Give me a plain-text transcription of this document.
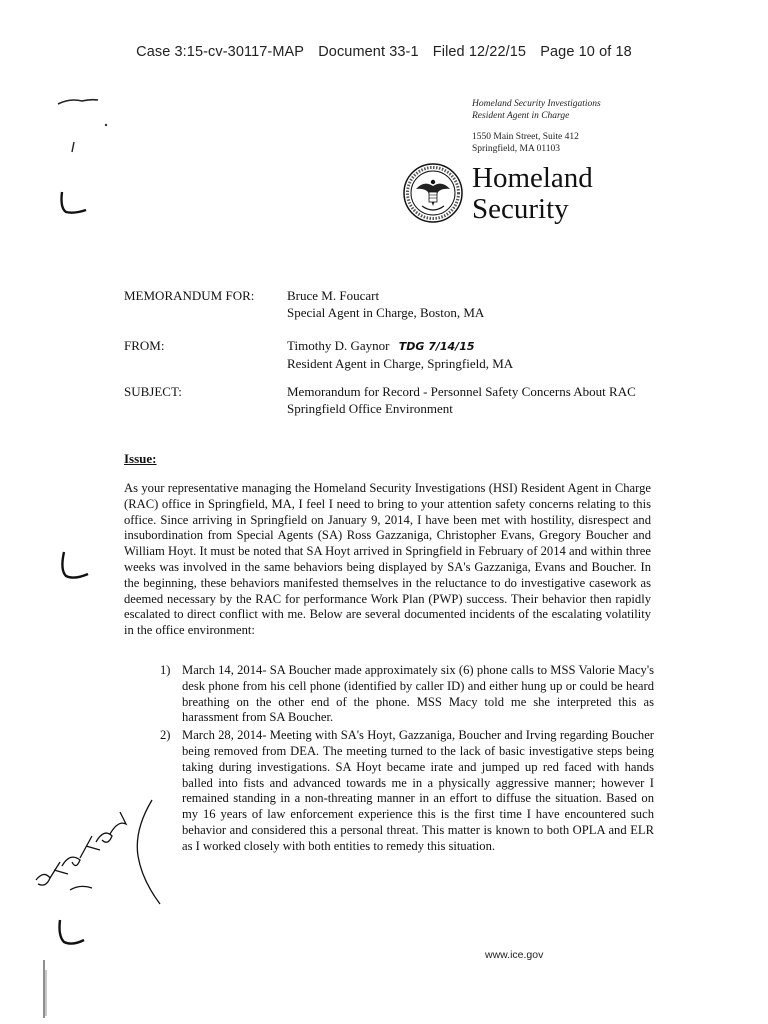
Case 3:15-cv-30117-MAP Document 33-1 Filed 12/22/15 Page 10 of 18
Homeland Security Investigations
Resident Agent in Charge
1550 Main Street, Suite 412
Springfield, MA 01103
Homeland
Security
MEMORANDUM FOR:	Bruce M. Foucart
Special Agent in Charge, Boston, MA
FROM:	Timothy D. Gaynor TDG 7/14/15
Resident Agent in Charge, Springfield, MA
SUBJECT:	Memorandum for Record - Personnel Safety Concerns About RAC
Springfield Office Environment
Issue:
As your representative managing the Homeland Security Investigations (HSI) Resident Agent in Charge (RAC) office in Springfield, MA, I feel I need to bring to your attention safety concerns relating to this office. Since arriving in Springfield on January 9, 2014, I have been met with hostility, disrespect and insubordination from Special Agents (SA) Ross Gazzaniga, Christopher Evans, Gregory Boucher and William Hoyt. It must be noted that SA Hoyt arrived in Springfield in February of 2014 and within three weeks was involved in the same behaviors being displayed by SA's Gazzaniga, Evans and Boucher. In the beginning, these behaviors manifested themselves in the reluctance to do investigative casework as deemed necessary by the RAC for performance Work Plan (PWP) success. Their behavior then rapidly escalated to direct conflict with me. Below are several documented incidents of the escalating volatility in the office environment:
1) March 14, 2014- SA Boucher made approximately six (6) phone calls to MSS Valorie Macy's desk phone from his cell phone (identified by caller ID) and either hung up or could be heard breathing on the other end of the phone. MSS Macy told me she interpreted this as harassment from SA Boucher.
2) March 28, 2014- Meeting with SA's Hoyt, Gazzaniga, Boucher and Irving regarding Boucher being removed from DEA. The meeting turned to the lack of basic investigative steps being taking during investigations. SA Hoyt became irate and jumped up red faced with hands balled into fists and advanced towards me in a physically aggressive manner; however I remained standing in a non-threating manner in an effort to diffuse the situation. Based on my 16 years of law enforcement experience this is the first time I have encountered such behavior and considered this a personal threat. This matter is known to both OPLA and ELR as I worked closely with both entities to remedy this situation.
www.ice.gov
